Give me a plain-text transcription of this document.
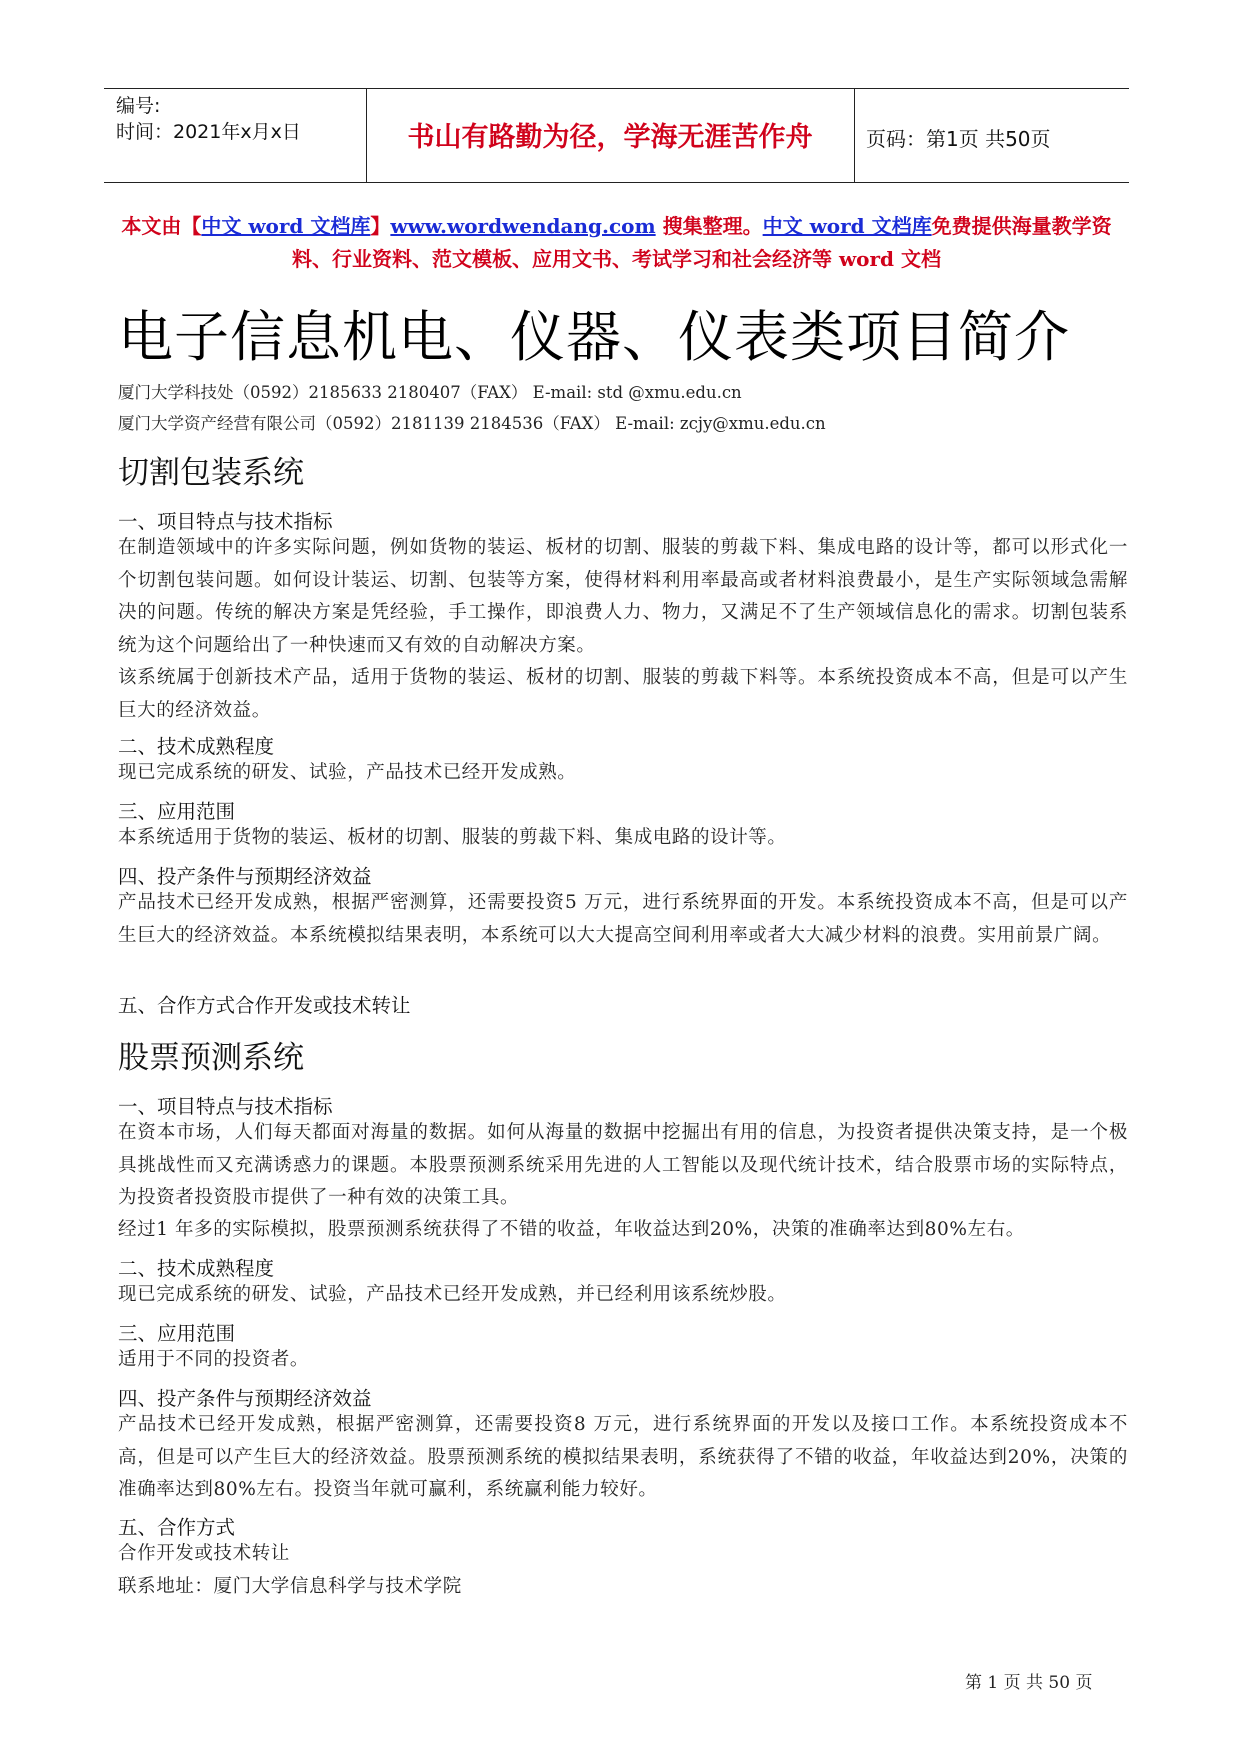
编号:
时间：2021年x月x日	书山有路勤为径，学海无涯苦作舟	页码：第1页 共50页
本文由【中文 word 文档库】www.wordwendang.com 搜集整理。中文 word 文档库免费提供海量教学资料、行业资料、范文模板、应用文书、考试学习和社会经济等 word 文档
电子信息机电、仪器、仪表类项目简介
厦门大学科技处（0592）2185633 2180407（FAX） E-mail: std @xmu.edu.cn
厦门大学资产经营有限公司（0592）2181139 2184536（FAX） E-mail: zcjy@xmu.edu.cn
切割包装系统
一、项目特点与技术指标
在制造领域中的许多实际问题，例如货物的装运、板材的切割、服装的剪裁下料、集成电路的设计等，都可以形式化一个切割包装问题。如何设计装运、切割、包装等方案，使得材料利用率最高或者材料浪费最小，是生产实际领域急需解决的问题。传统的解决方案是凭经验，手工操作，即浪费人力、物力，又满足不了生产领域信息化的需求。切割包装系统为这个问题给出了一种快速而又有效的自动解决方案。
该系统属于创新技术产品，适用于货物的装运、板材的切割、服装的剪裁下料等。本系统投资成本不高，但是可以产生巨大的经济效益。
二、技术成熟程度
现已完成系统的研发、试验，产品技术已经开发成熟。
三、应用范围
本系统适用于货物的装运、板材的切割、服装的剪裁下料、集成电路的设计等。
四、投产条件与预期经济效益
产品技术已经开发成熟，根据严密测算，还需要投资5 万元，进行系统界面的开发。本系统投资成本不高，但是可以产生巨大的经济效益。本系统模拟结果表明，本系统可以大大提高空间利用率或者大大减少材料的浪费。实用前景广阔。
五、合作方式合作开发或技术转让
股票预测系统
一、项目特点与技术指标
在资本市场，人们每天都面对海量的数据。如何从海量的数据中挖掘出有用的信息，为投资者提供决策支持，是一个极具挑战性而又充满诱惑力的课题。本股票预测系统采用先进的人工智能以及现代统计技术，结合股票市场的实际特点，为投资者投资股市提供了一种有效的决策工具。
经过1 年多的实际模拟，股票预测系统获得了不错的收益，年收益达到20%，决策的准确率达到80%左右。
二、技术成熟程度
现已完成系统的研发、试验，产品技术已经开发成熟，并已经利用该系统炒股。
三、应用范围
适用于不同的投资者。
四、投产条件与预期经济效益
产品技术已经开发成熟，根据严密测算，还需要投资8 万元，进行系统界面的开发以及接口工作。本系统投资成本不高，但是可以产生巨大的经济效益。股票预测系统的模拟结果表明，系统获得了不错的收益，年收益达到20%，决策的准确率达到80%左右。投资当年就可赢利，系统赢利能力较好。
五、合作方式
合作开发或技术转让
联系地址：厦门大学信息科学与技术学院
第 1 页 共 50 页
